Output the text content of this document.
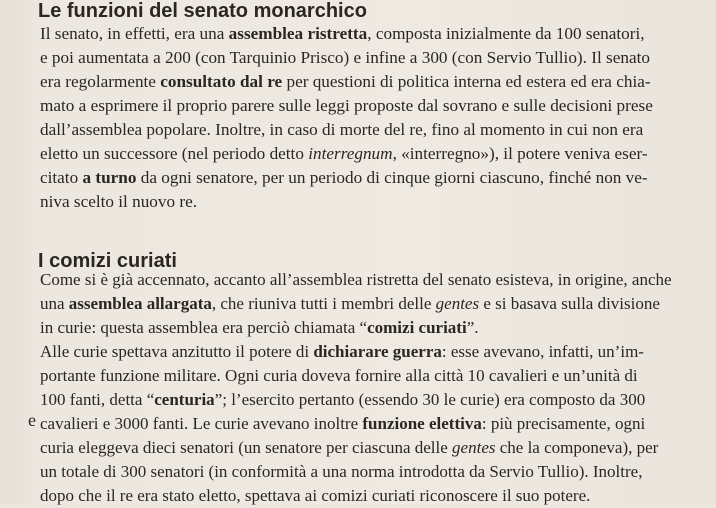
Le funzioni del senato monarchico
Il senato, in effetti, era una assemblea ristretta, composta inizialmente da 100 senatori,
e poi aumentata a 200 (con Tarquinio Prisco) e infine a 300 (con Servio Tullio). Il senato
era regolarmente consultato dal re per questioni di politica interna ed estera ed era chia-
mato a esprimere il proprio parere sulle leggi proposte dal sovrano e sulle decisioni prese
dall’assemblea popolare. Inoltre, in caso di morte del re, fino al momento in cui non era
eletto un successore (nel periodo detto interregnum, «interregno»), il potere veniva eser-
citato a turno da ogni senatore, per un periodo di cinque giorni ciascuno, finché non ve-
niva scelto il nuovo re.
I comizi curiati
Come si è già accennato, accanto all’assemblea ristretta del senato esisteva, in origine, anche
una assemblea allargata, che riuniva tutti i membri delle gentes e si basava sulla divisione
in curie: questa assemblea era perciò chiamata “comizi curiati”.
Alle curie spettava anzitutto il potere di dichiarare guerra: esse avevano, infatti, un’im-
portante funzione militare. Ogni curia doveva fornire alla città 10 cavalieri e un’unità di
100 fanti, detta “centuria”; l’esercito pertanto (essendo 30 le curie) era composto da 300
cavalieri e 3000 fanti. Le curie avevano inoltre funzione elettiva: più precisamente, ogni
curia eleggeva dieci senatori (un senatore per ciascuna delle gentes che la componeva), per
un totale di 300 senatori (in conformità a una norma introdotta da Servio Tullio). Inoltre,
dopo che il re era stato eletto, spettava ai comizi curiati riconoscere il suo potere.
e
